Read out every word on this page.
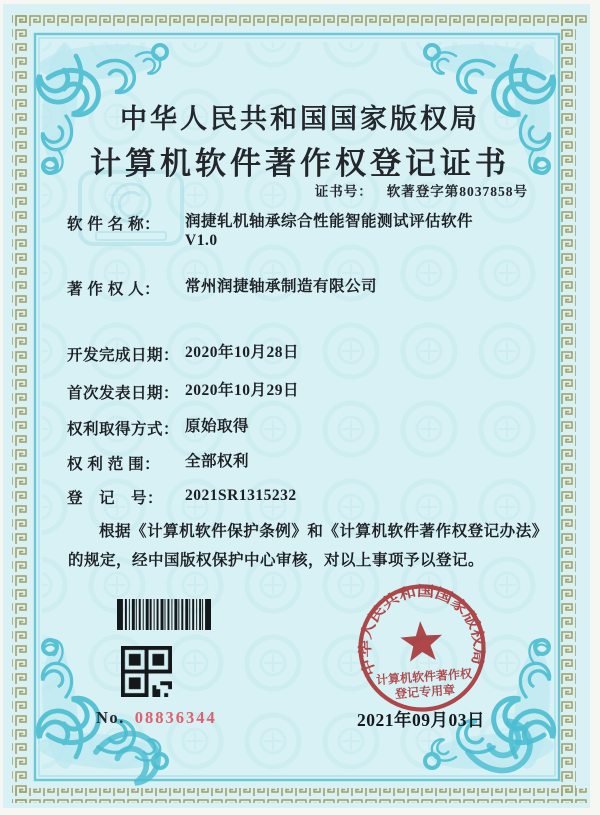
中华人民共和国国家版权局
计算机软件著作权登记证书
证书号： 软著登字第8037858号
软 件 名 称：	润捷轧机轴承综合性能智能测试评估软件
V1.0
著 作 权 人：	常州润捷轴承制造有限公司
开发完成日期： 2020年10月28日
首次发表日期： 2020年10月29日
权利取得方式： 原始取得
权 利 范 围：	全部权利
登　记　号：	2021SR1315232
根据《计算机软件保护条例》和《计算机软件著作权登记办法》的规定，经中国版权保护中心审核，对以上事项予以登记。
中华人民共和国国家版权局
计算机软件著作权
登记专用章
No. 08836344	2021年09月03日
